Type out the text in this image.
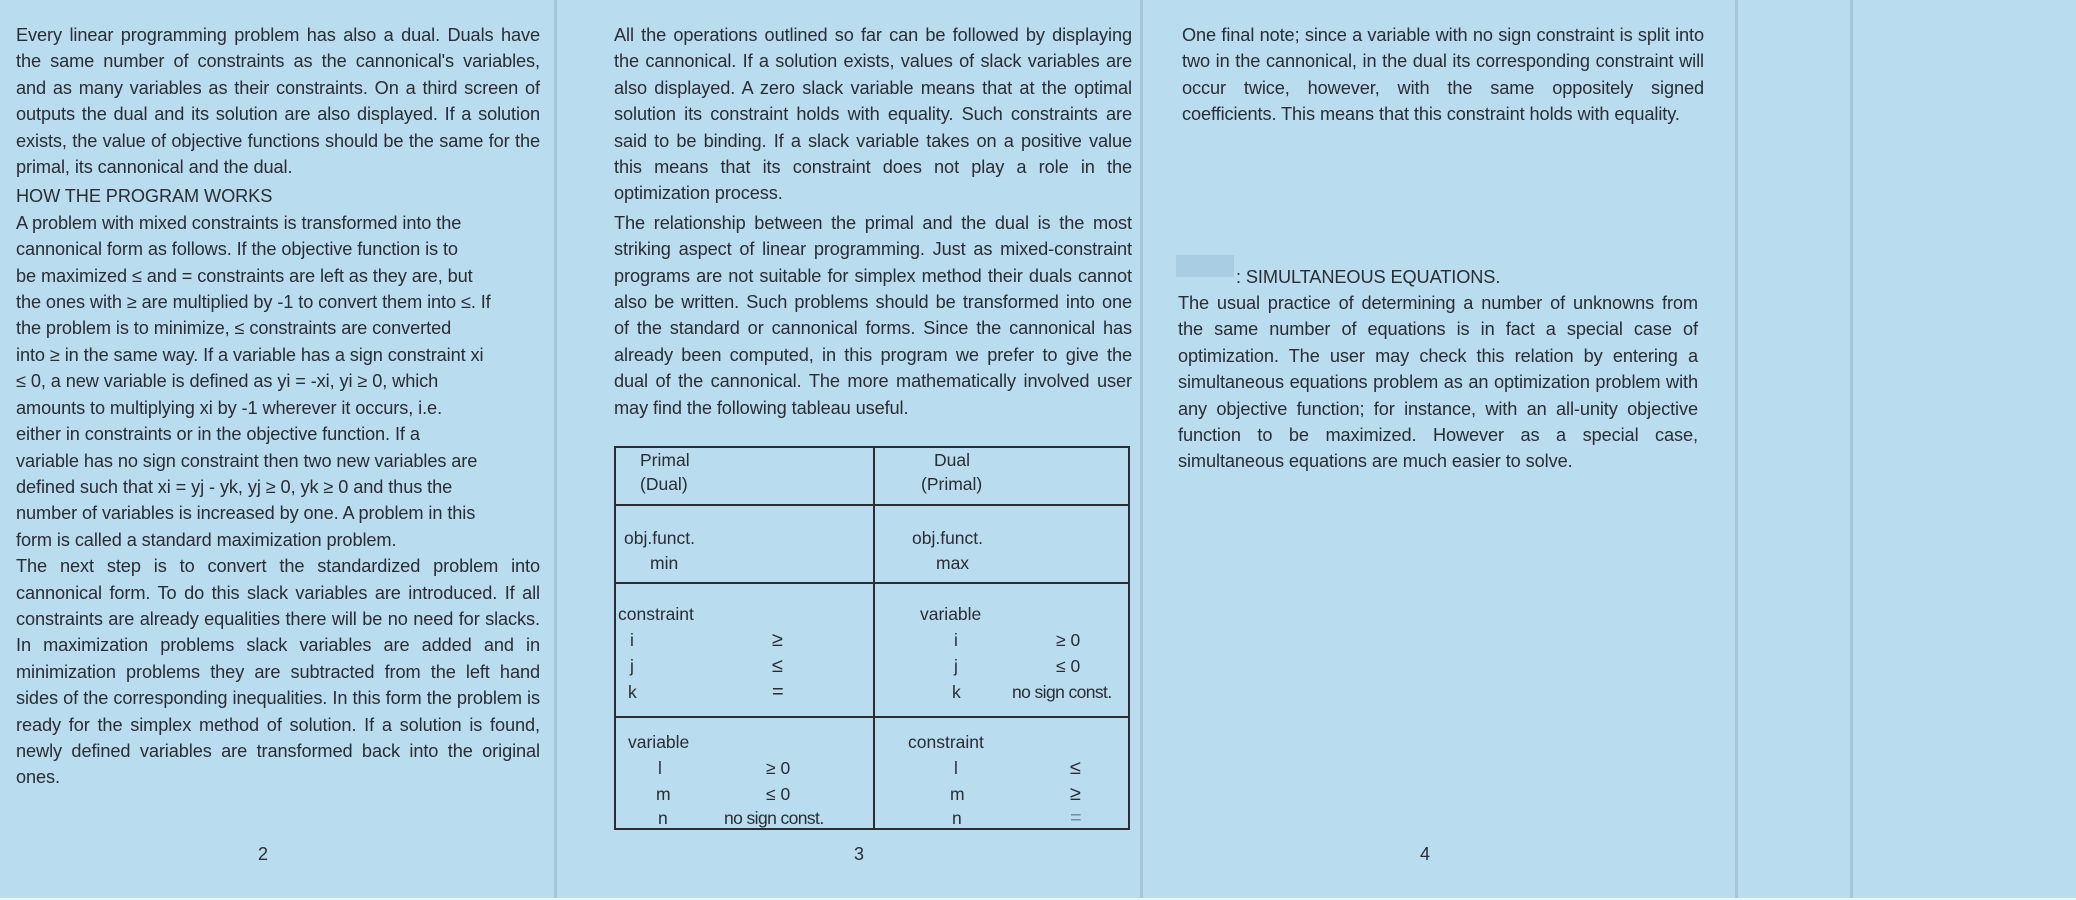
Every linear programming problem has also a dual. Duals have the same number of constraints as the cannonical's variables, and as many variables as their constraints. On a third screen of outputs the dual and its solution are also displayed. If a solution exists, the value of objective functions should be the same for the primal, its cannonical and the dual.

HOW THE PROGRAM WORKS

A problem with mixed constraints is transformed into the

cannonical form as follows. If the objective function is to

be maximized ≤ and = constraints are left as they are, but

the ones with ≥ are multiplied by -1 to convert them into ≤. If

the problem is to minimize, ≤ constraints are converted

into ≥ in the same way. If a variable has a sign constraint xi

≤ 0, a new variable is defined as yi = -xi, yi ≥ 0, which

amounts to multiplying xi by -1 wherever it occurs, i.e.

either in constraints or in the objective function. If a

variable has no sign constraint then two new variables are

defined such that xi = yj - yk, yj ≥ 0, yk ≥ 0 and thus the

number of variables is increased by one. A problem in this

form is called a standard maximization problem.

The next step is to convert the standardized problem into cannonical form. To do this slack variables are introduced. If all constraints are already equalities there will be no need for slacks. In maximization problems slack variables are added and in minimization problems they are subtracted from the left hand sides of the corresponding inequalities. In this form the problem is ready for the simplex method of solution. If a solution is found, newly defined variables are transformed back into the original ones.

2

All the operations outlined so far can be followed by displaying the cannonical. If a solution exists, values of slack variables are also displayed. A zero slack variable means that at the optimal solution its constraint holds with equality. Such constraints are said to be binding. If a slack variable takes on a positive value this means that its constraint does not play a role in the optimization process.

The relationship between the primal and the dual is the most striking aspect of linear programming. Just as mixed-constraint programs are not suitable for simplex method their duals cannot also be written. Such problems should be transformed into one of the standard or cannonical forms. Since the cannonical has already been computed, in this program we prefer to give the dual of the cannonical. The more mathematically involved user may find the following tableau useful.

Primal
(Dual)
Dual
(Primal)
obj.funct.
min
obj.funct.
max
constraint
i
j
k
≥
≤
=
variable
i
j
k
≥ 0
≤ 0
no sign const.
variable
l
m
n
≥ 0
≤ 0
no sign const.
constraint
l
m
n
≤
≥
=
3

One final note; since a variable with no sign constraint is split into two in the cannonical, in the dual its corresponding constraint will occur twice, however, with the same oppositely signed coefficients. This means that this constraint holds with equality.

: SIMULTANEOUS EQUATIONS.

The usual practice of determining a number of unknowns from the same number of equations is in fact a special case of optimization. The user may check this relation by entering a simultaneous equations problem as an optimization problem with any objective function; for instance, with an all-unity objective function to be maximized. However as a special case, simultaneous equations are much easier to solve.

4
